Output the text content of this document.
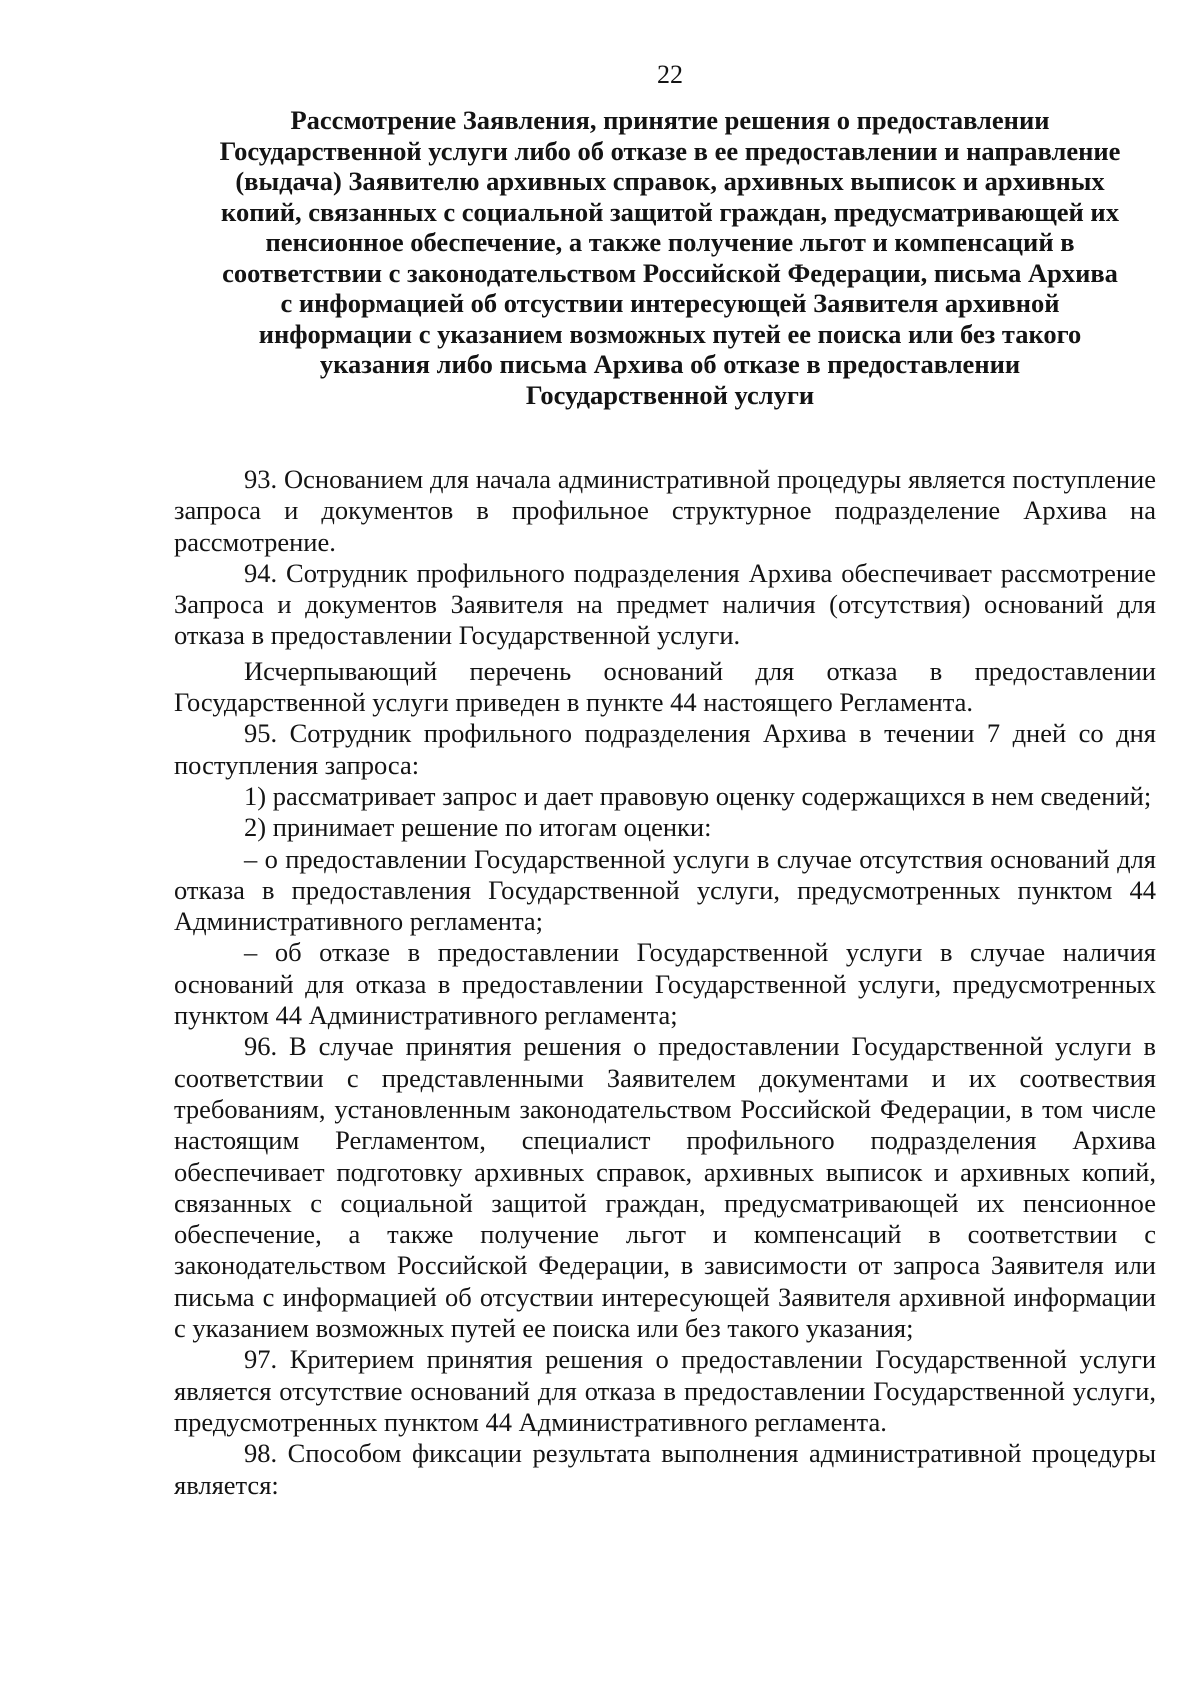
22
Рассмотрение Заявления, принятие решения о предоставлении
Государственной услуги либо об отказе в ее предоставлении и направление
(выдача) Заявителю архивных справок, архивных выписок и архивных
копий, связанных с социальной защитой граждан, предусматривающей их
пенсионное обеспечение, а также получение льгот и компенсаций в
соответствии с законодательством Российской Федерации, письма Архива
с информацией об отсуствии интересующей Заявителя архивной
информации с указанием возможных путей ее поиска или без такого
указания либо письма Архива об отказе в предоставлении
Государственной услуги

93. Основанием для начала административной процедуры является поступление запроса и документов в профильное структурное подразделение Архива на рассмотрение.

94. Сотрудник профильного подразделения Архива обеспечивает рассмотрение Запроса и документов Заявителя на предмет наличия (отсутствия) оснований для отказа в предоставлении Государственной услуги.

Исчерпывающий перечень оснований для отказа в предоставлении Государственной услуги приведен в пункте 44 настоящего Регламента.

95. Сотрудник профильного подразделения Архива в течении 7 дней со дня поступления запроса:

1) рассматривает запрос и дает правовую оценку содержащихся в нем сведений;

2) принимает решение по итогам оценки:

– о предоставлении Государственной услуги в случае отсутствия оснований для отказа в предоставления Государственной услуги, предусмотренных пунктом 44 Административного регламента;

– об отказе в предоставлении Государственной услуги в случае наличия оснований для отказа в предоставлении Государственной услуги, предусмотренных пунктом 44 Административного регламента;

96. В случае принятия решения о предоставлении Государственной услуги в соответствии с представленными Заявителем документами и их соотвествия требованиям, установленным законодательством Российской Федерации, в том числе настоящим Регламентом, специалист профильного подразделения Архива обеспечивает подготовку архивных справок, архивных выписок и архивных копий, связанных с социальной защитой граждан, предусматривающей их пенсионное обеспечение, а также получение льгот и компенсаций в соответствии с законодательством Российской Федерации, в зависимости от запроса Заявителя или письма с информацией об отсуствии интересующей Заявителя архивной информации с указанием возможных путей ее поиска или без такого указания;

97. Критерием принятия решения о предоставлении Государственной услуги является отсутствие оснований для отказа в предоставлении Государственной услуги, предусмотренных пунктом 44 Административного регламента.

98. Способом фиксации результата выполнения административной процедуры является:
